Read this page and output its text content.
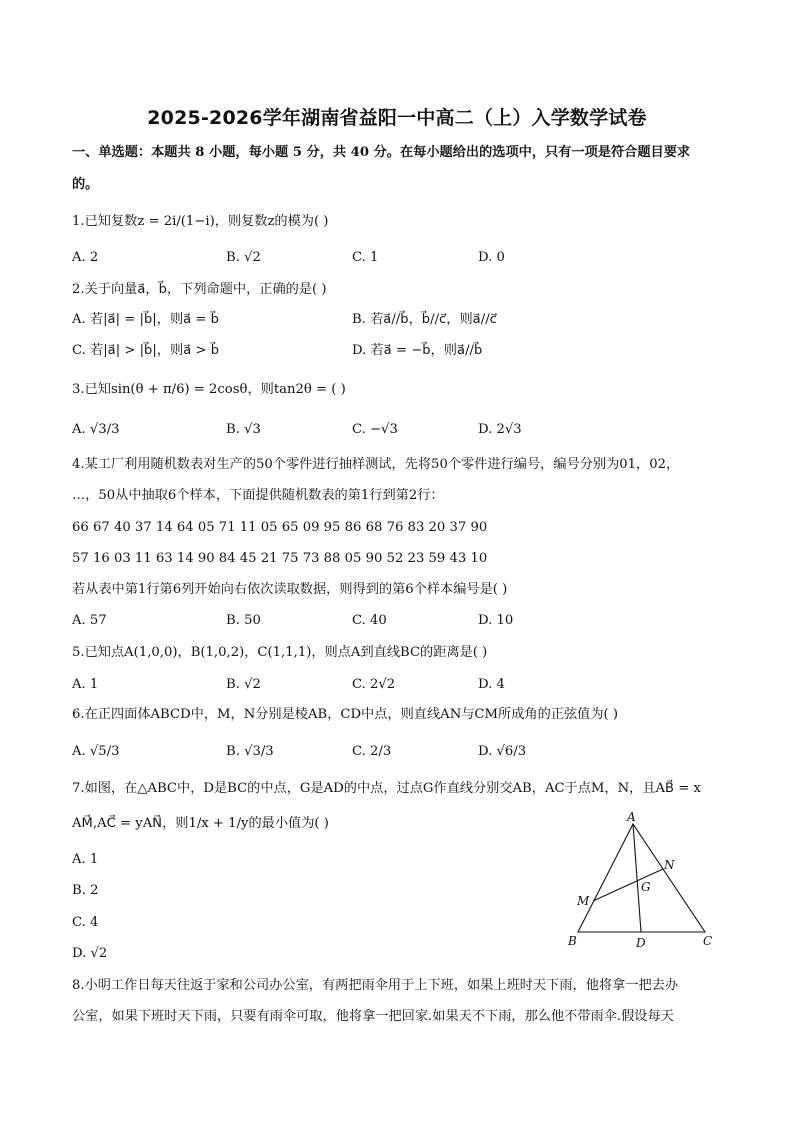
2025-2026学年湖南省益阳一中高二（上）入学数学试卷
一、单选题：本题共 8 小题，每小题 5 分，共 40 分。在每小题给出的选项中，只有一项是符合题目要求
的。
1.已知复数z = 2i/(1−i)，则复数z的模为( )
A. 2	B. √2	C. 1	D. 0
2.关于向量a⃗，b⃗，下列命题中，正确的是( )
A. 若|a⃗| = |b⃗|，则a⃗ = b⃗	B. 若a⃗//b⃗，b⃗//c⃗，则a⃗//c⃗
C. 若|a⃗| > |b⃗|，则a⃗ > b⃗	D. 若a⃗ = −b⃗，则a⃗//b⃗
3.已知sin(θ + π/6) = 2cosθ，则tan2θ = ( )
A. √3/3	B. √3	C. −√3	D. 2√3
4.某工厂利用随机数表对生产的50个零件进行抽样测试，先将50个零件进行编号，编号分别为01，02，
…，50从中抽取6个样本，下面提供随机数表的第1行到第2行：
66 67 40 37 14 64 05 71 11 05 65 09 95 86 68 76 83 20 37 90
57 16 03 11 63 14 90 84 45 21 75 73 88 05 90 52 23 59 43 10
若从表中第1行第6列开始向右依次读取数据，则得到的第6个样本编号是( )
A. 57	B. 50	C. 40	D. 10
5.已知点A(1,0,0)，B(1,0,2)，C(1,1,1)，则点A到直线BC的距离是( )
A. 1	B. √2	C. 2√2	D. 4
6.在正四面体ABCD中，M，N分别是棱AB，CD中点，则直线AN与CM所成角的正弦值为( )
A. √5/3	B. √3/3	C. 2/3	D. √6/3
7.如图，在△ABC中，D是BC的中点，G是AD的中点，过点G作直线分别交AB，AC于点M，N，且AB⃗ = x
AM⃗,AC⃗ = yAN⃗，则1/x + 1/y的最小值为( )
A. 1
B. 2
C. 4
D. √2
A
N
G
M
B	D	C
8.小明工作日每天往返于家和公司办公室，有两把雨伞用于上下班，如果上班时天下雨，他将拿一把去办
公室，如果下班时天下雨，只要有雨伞可取，他将拿一把回家.如果天不下雨，那么他不带雨伞.假设每天
